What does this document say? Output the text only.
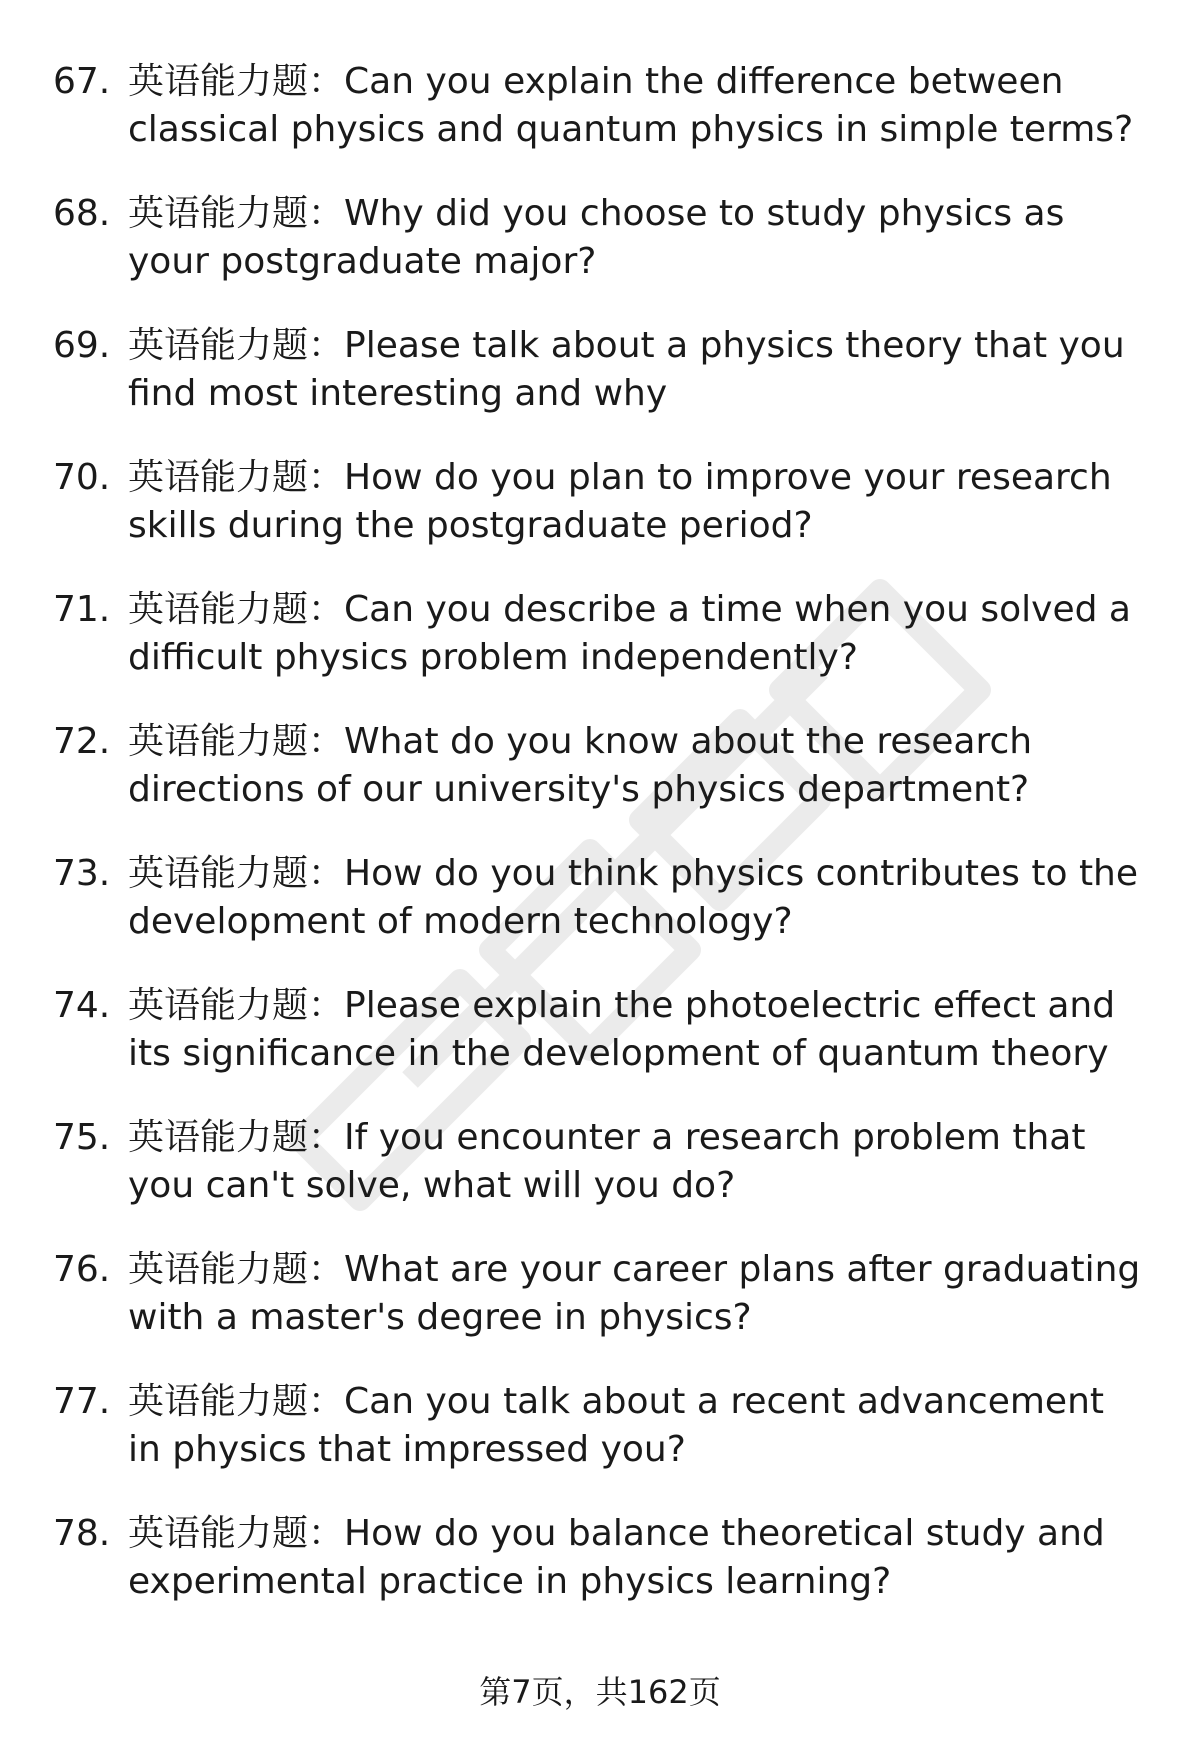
67. 英语能力题：Can you explain the difference between classical physics and quantum physics in simple terms?
68. 英语能力题：Why did you choose to study physics as your postgraduate major?
69. 英语能力题：Please talk about a physics theory that you find most interesting and why
70. 英语能力题：How do you plan to improve your research skills during the postgraduate period?
71. 英语能力题：Can you describe a time when you solved a difficult physics problem independently?
72. 英语能力题：What do you know about the research directions of our university's physics department?
73. 英语能力题：How do you think physics contributes to the development of modern technology?
74. 英语能力题：Please explain the photoelectric effect and its significance in the development of quantum theory
75. 英语能力题：If you encounter a research problem that you can't solve, what will you do?
76. 英语能力题：What are your career plans after graduating with a master's degree in physics?
77. 英语能力题：Can you talk about a recent advancement in physics that impressed you?
78. 英语能力题：How do you balance theoretical study and experimental practice in physics learning?
第7页，共162页
